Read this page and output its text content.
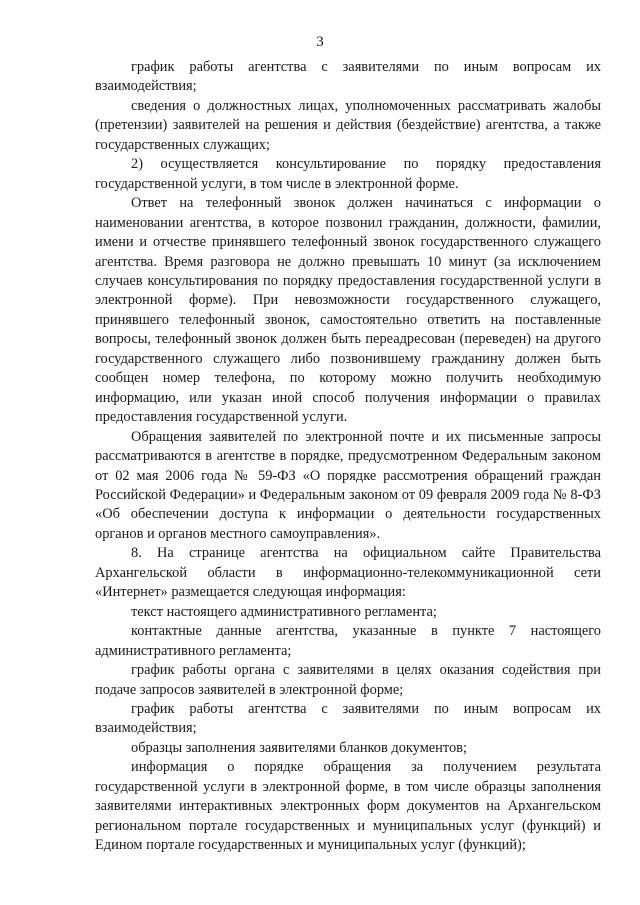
3

график работы агентства с заявителями по иным вопросам их взаимодействия;

сведения о должностных лицах, уполномоченных рассматривать жалобы (претензии) заявителей на решения и действия (бездействие) агентства, а также государственных служащих;

2) осуществляется консультирование по порядку предоставления государственной услуги, в том числе в электронной форме.

Ответ на телефонный звонок должен начинаться с информации о наименовании агентства, в которое позвонил гражданин, должности, фамилии, имени и отчестве принявшего телефонный звонок государственного служащего агентства. Время разговора не должно превышать 10 минут (за исключением случаев консультирования по порядку предоставления государственной услуги в электронной форме). При невозможности государственного служащего, принявшего телефонный звонок, самостоятельно ответить на поставленные вопросы, телефонный звонок должен быть переадресован (переведен) на другого государственного служащего либо позвонившему гражданину должен быть сообщен номер телефона, по которому можно получить необходимую информацию, или указан иной способ получения информации о правилах предоставления государственной услуги.

Обращения заявителей по электронной почте и их письменные запросы рассматриваются в агентстве в порядке, предусмотренном Федеральным законом от 02 мая 2006 года № 59-ФЗ «О порядке рассмотрения обращений граждан Российской Федерации» и Федеральным законом от 09 февраля 2009 года № 8-ФЗ «Об обеспечении доступа к информации о деятельности государственных органов и органов местного самоуправления».

8. На странице агентства на официальном сайте Правительства Архангельской области в информационно-телекоммуникационной сети «Интернет» размещается следующая информация:

текст настоящего административного регламента;

контактные данные агентства, указанные в пункте 7 настоящего административного регламента;

график работы органа с заявителями в целях оказания содействия при подаче запросов заявителей в электронной форме;

график работы агентства с заявителями по иным вопросам их взаимодействия;

образцы заполнения заявителями бланков документов;

информация о порядке обращения за получением результата государственной услуги в электронной форме, в том числе образцы заполнения заявителями интерактивных электронных форм документов на Архангельском региональном портале государственных и муниципальных услуг (функций) и Едином портале государственных и муниципальных услуг (функций);
